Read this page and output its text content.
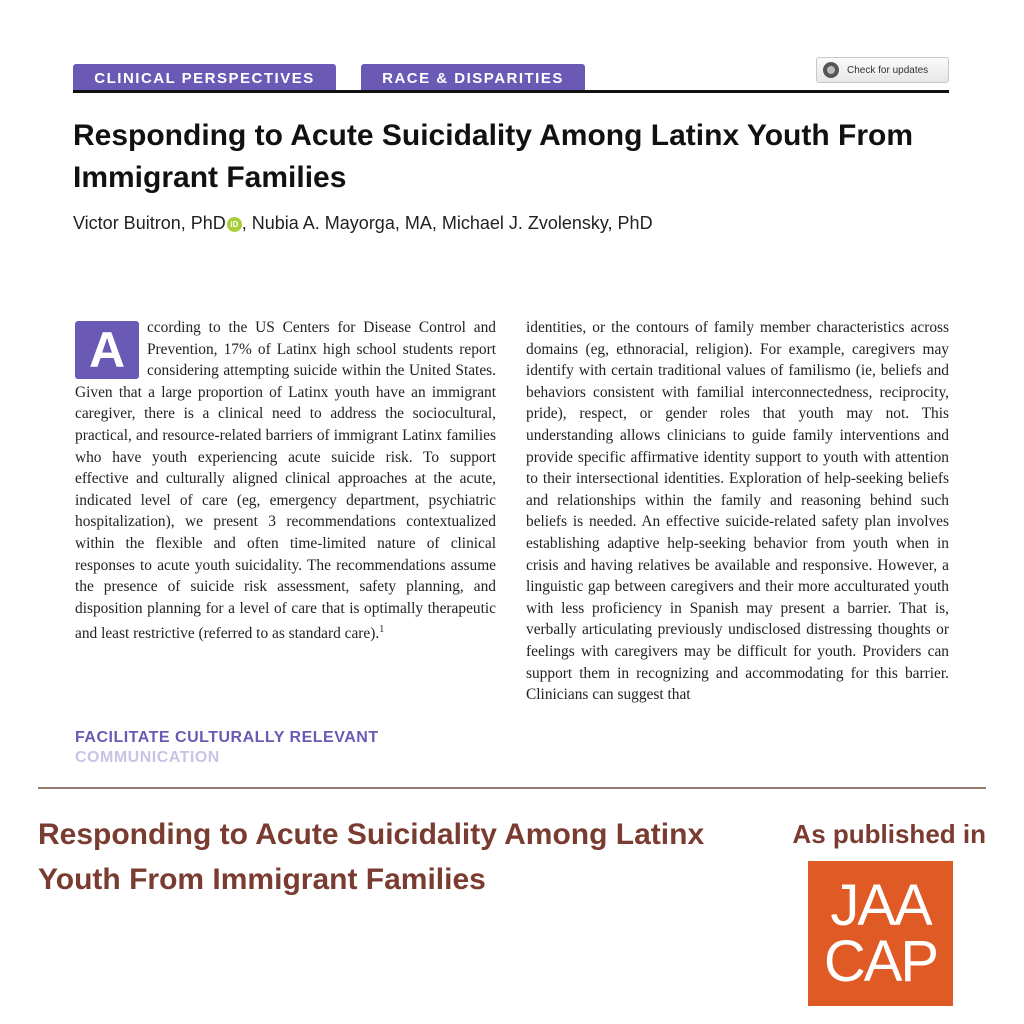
CLINICAL PERSPECTIVES	RACE & DISPARITIES	Check for updates
Responding to Acute Suicidality Among Latinx Youth From Immigrant Families
Victor Buitron, PhD iD , Nubia A. Mayorga, MA, Michael J. Zvolensky, PhD
A	ccording to the US Centers for Disease Control and Prevention, 17% of Latinx high school students report considering attempting suicide within the United States. Given that a large proportion of Latinx youth have an immigrant caregiver, there is a clinical need to address the sociocultural, practical, and resource-related barriers of immigrant Latinx families who have youth experiencing acute suicide risk. To support effective and culturally aligned clinical approaches at the acute, indicated level of care (eg, emergency department, psychiatric hospitalization), we present 3 recommendations contextualized within the flexible and often time-limited nature of clinical responses to acute youth suicidality. The recommendations assume the presence of suicide risk assessment, safety planning, and disposition planning for a level of care that is optimally therapeutic and least restrictive (referred to as standard care).$^1$
FACILITATE CULTURALLY RELEVANT
COMMUNICATION
identities, or the contours of family member characteristics across domains (eg, ethnoracial, religion). For example, caregivers may identify with certain traditional values of familismo (ie, beliefs and behaviors consistent with familial interconnectedness, reciprocity, pride), respect, or gender roles that youth may not. This understanding allows clinicians to guide family interventions and provide specific affirmative identity support to youth with attention to their intersectional identities. Exploration of help-seeking beliefs and relationships within the family and reasoning behind such beliefs is needed. An effective suicide-related safety plan involves establishing adaptive help-seeking behavior from youth when in crisis and having relatives be available and responsive. However, a linguistic gap between caregivers and their more acculturated youth with less proficiency in Spanish may present a barrier. That is, verbally articulating previously undisclosed distressing thoughts or feelings with caregivers may be difficult for youth. Providers can support them in recognizing and accommodating for this barrier. Clinicians can suggest that
Responding to Acute Suicidality Among Latinx Youth From Immigrant Families
As published in
JAA
CAP
